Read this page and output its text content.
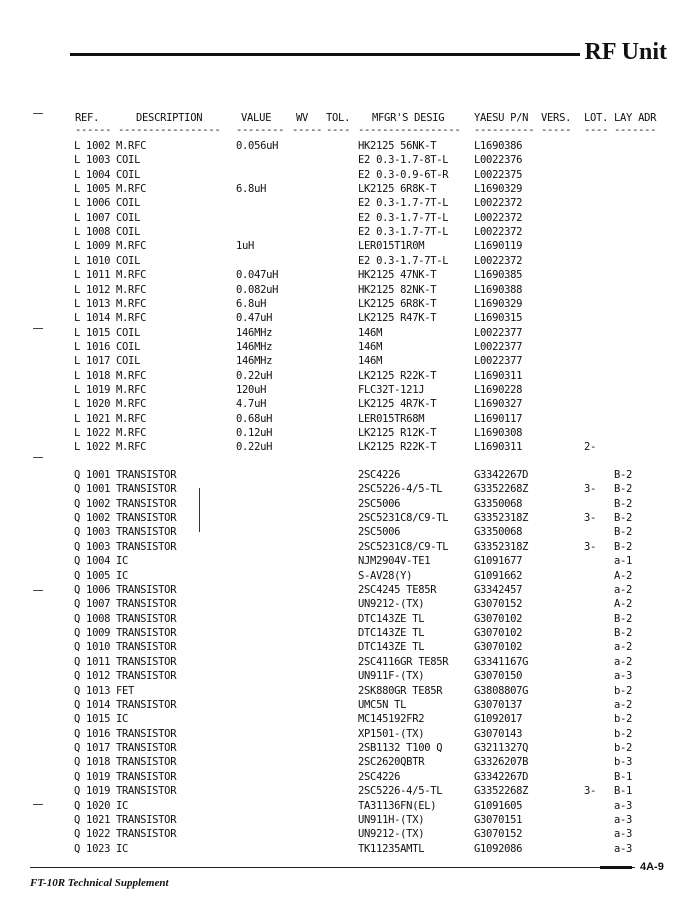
RF Unit
REF.	DESCRIPTION	VALUE WV TOL. MFGR'S DESIG	YAESU P/N VERS. LOT. LAY ADR
------ ----------------- -------- ----- ---- ----------------- ---------- ----- ---- -------
L 1002 M.RFC	0.056uH	HK2125 56NK-T	L1690386
L 1003 COIL	E2 0.3-1.7-8T-L L0022376
L 1004 COIL	E2 0.3-0.9-6T-R L0022375
L 1005 M.RFC	6.8uH	LK2125 6R8K-T	L1690329
L 1006 COIL	E2 0.3-1.7-7T-L L0022372
L 1007 COIL	E2 0.3-1.7-7T-L L0022372
L 1008 COIL	E2 0.3-1.7-7T-L L0022372
L 1009 M.RFC	1uH	LER015T1R0M	L1690119
L 1010 COIL	E2 0.3-1.7-7T-L L0022372
L 1011 M.RFC	0.047uH	HK2125 47NK-T	L1690385
L 1012 M.RFC	0.082uH	HK2125 82NK-T	L1690388
L 1013 M.RFC	6.8uH	LK2125 6R8K-T	L1690329
L 1014 M.RFC	0.47uH	LK2125 R47K-T	L1690315
L 1015 COIL	146MHz	146M	L0022377
L 1016 COIL	146MHz	146M	L0022377
L 1017 COIL	146MHz	146M	L0022377
L 1018 M.RFC	0.22uH	LK2125 R22K-T	L1690311
L 1019 M.RFC	120uH	FLC32T-121J	L1690228
L 1020 M.RFC	4.7uH	LK2125 4R7K-T	L1690327
L 1021 M.RFC	0.68uH	LER015TR68M	L1690117
L 1022 M.RFC	0.12uH	LK2125 R12K-T	L1690308
L 1022 M.RFC	0.22uH	LK2125 R22K-T	L1690311	2-
Q 1001 TRANSISTOR	2SC4226	G3342267D	B-2
Q 1001 TRANSISTOR	2SC5226-4/5-TL	G3352268Z	3- B-2
Q 1002 TRANSISTOR	2SC5006	G3350068	B-2
Q 1002 TRANSISTOR	2SC5231C8/C9-TL G3352318Z	3- B-2
Q 1003 TRANSISTOR	2SC5006	G3350068	B-2
Q 1003 TRANSISTOR	2SC5231C8/C9-TL G3352318Z	3- B-2
Q 1004 IC	NJM2904V-TE1	G1091677	a-1
Q 1005 IC	S-AV28(Y)	G1091662	A-2
Q 1006 TRANSISTOR	2SC4245 TE85R	G3342457	a-2
Q 1007 TRANSISTOR	UN9212-(TX)	G3070152	A-2
Q 1008 TRANSISTOR	DTC143ZE TL	G3070102	B-2
Q 1009 TRANSISTOR	DTC143ZE TL	G3070102	B-2
Q 1010 TRANSISTOR	DTC143ZE TL	G3070102	a-2
Q 1011 TRANSISTOR	2SC4116GR TE85R G3341167G	a-2
Q 1012 TRANSISTOR	UN911F-(TX)	G3070150	a-3
Q 1013 FET	2SK880GR TE85R	G3808807G	b-2
Q 1014 TRANSISTOR	UMC5N TL	G3070137	a-2
Q 1015 IC	MC145192FR2	G1092017	b-2
Q 1016 TRANSISTOR	XP1501-(TX)	G3070143	b-2
Q 1017 TRANSISTOR	2SB1132 T100 Q	G3211327Q	b-2
Q 1018 TRANSISTOR	2SC2620QBTR	G3326207B	b-3
Q 1019 TRANSISTOR	2SC4226	G3342267D	B-1
Q 1019 TRANSISTOR	2SC5226-4/5-TL	G3352268Z	3- B-1
Q 1020 IC	TA31136FN(EL)	G1091605	a-3
Q 1021 TRANSISTOR	UN911H-(TX)	G3070151	a-3
Q 1022 TRANSISTOR	UN9212-(TX)	G3070152	a-3
Q 1023 IC	TK11235AMTL	G1092086	a-3
4A-9
FT-10R Technical Supplement
